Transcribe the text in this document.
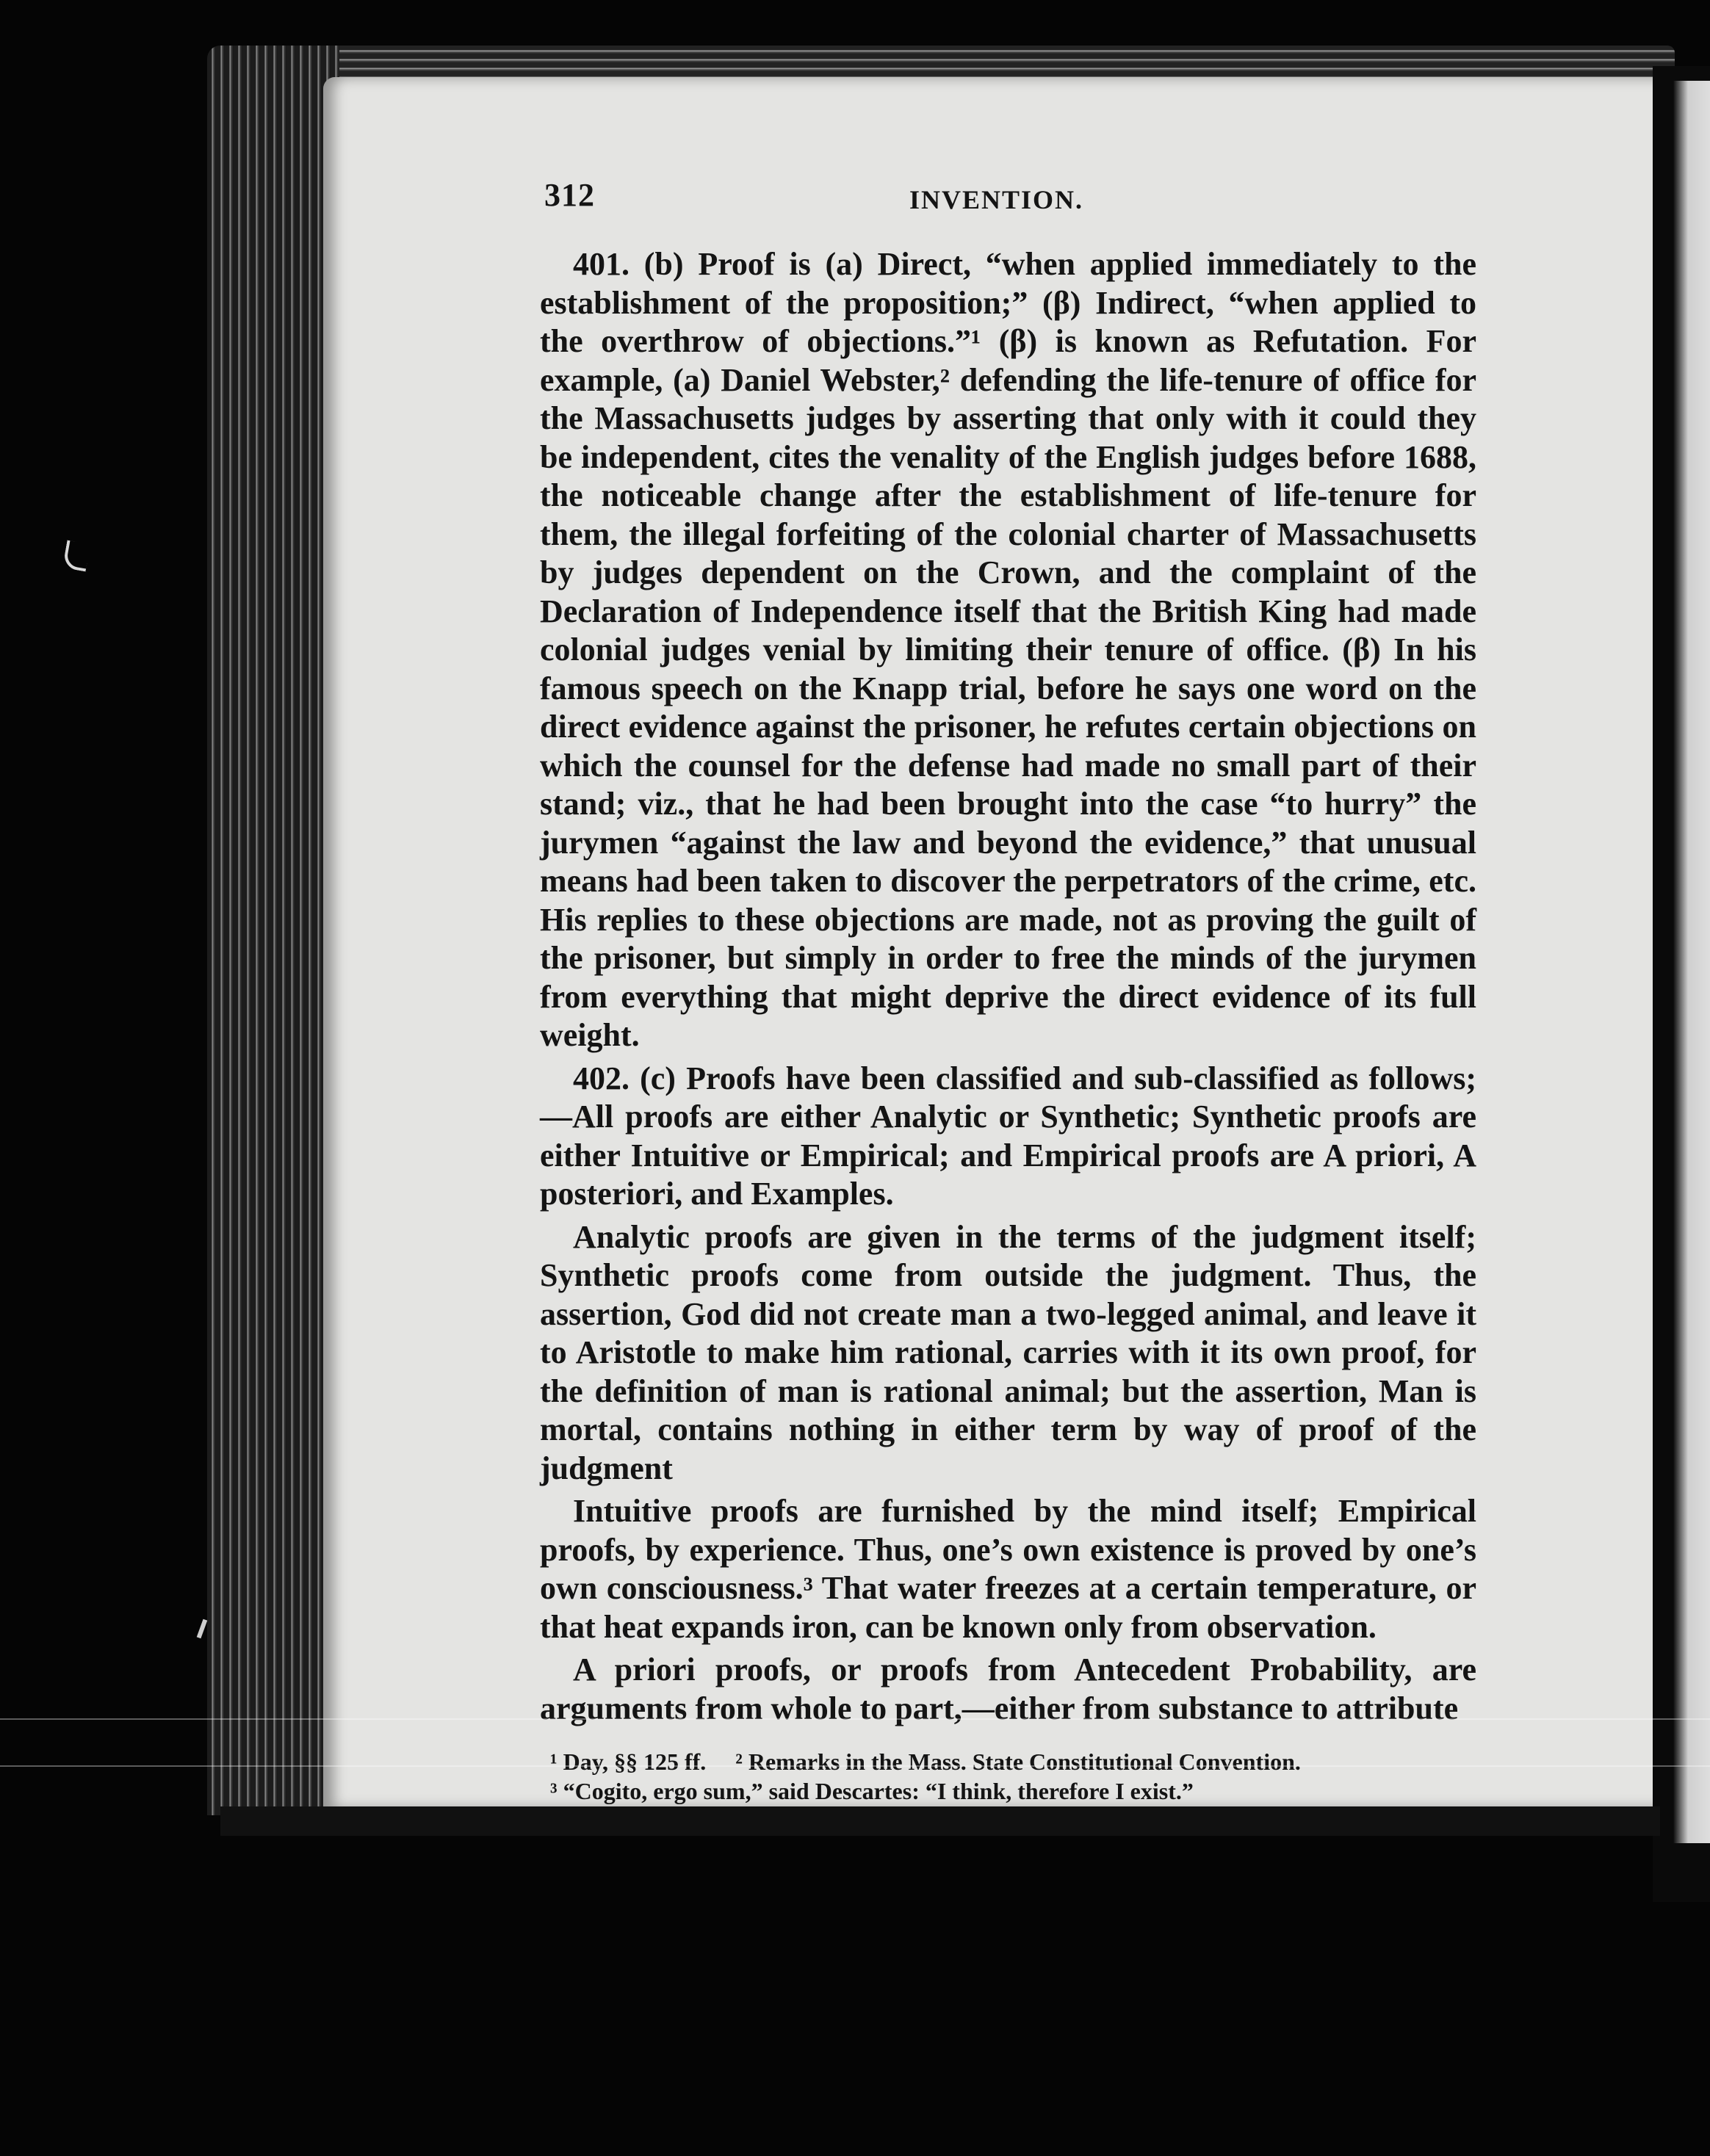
312	INVENTION.

401. (b) Proof is (a) Direct, “when applied immediately to the establishment of the proposition;” (β) Indirect, “when applied to the overthrow of objections.”¹ (β) is known as Refutation. For example, (a) Daniel Webster,² defending the life-tenure of office for the Massachusetts judges by asserting that only with it could they be independent, cites the venality of the English judges before 1688, the noticeable change after the establishment of life-tenure for them, the illegal forfeiting of the colonial charter of Massachusetts by judges dependent on the Crown, and the complaint of the Declaration of Independence itself that the British King had made colonial judges venial by limiting their tenure of office. (β) In his famous speech on the Knapp trial, before he says one word on the direct evidence against the prisoner, he refutes certain objections on which the counsel for the defense had made no small part of their stand; viz., that he had been brought into the case “to hurry” the jurymen “against the law and beyond the evidence,” that unusual means had been taken to discover the perpetrators of the crime, etc. His replies to these objections are made, not as proving the guilt of the prisoner, but simply in order to free the minds of the jurymen from everything that might deprive the direct evidence of its full weight.

402. (c) Proofs have been classified and sub-classified as follows;—All proofs are either Analytic or Synthetic; Synthetic proofs are either Intuitive or Empirical; and Empirical proofs are A priori, A posteriori, and Examples.

Analytic proofs are given in the terms of the judgment itself; Synthetic proofs come from outside the judgment. Thus, the assertion, God did not create man a two-legged animal, and leave it to Aristotle to make him rational, carries with it its own proof, for the definition of man is rational animal; but the assertion, Man is mortal, contains nothing in either term by way of proof of the judgment

Intuitive proofs are furnished by the mind itself; Empirical proofs, by experience. Thus, one’s own existence is proved by one’s own consciousness.³ That water freezes at a certain temperature, or that heat expands iron, can be known only from observation.

A priori proofs, or proofs from Antecedent Probability, are arguments from whole to part,—either from substance to attribute

¹ Day, §§ 125 ff.     ² Remarks in the Mass. State Constitutional Convention.
³ “Cogito, ergo sum,” said Descartes: “I think, therefore I exist.”
